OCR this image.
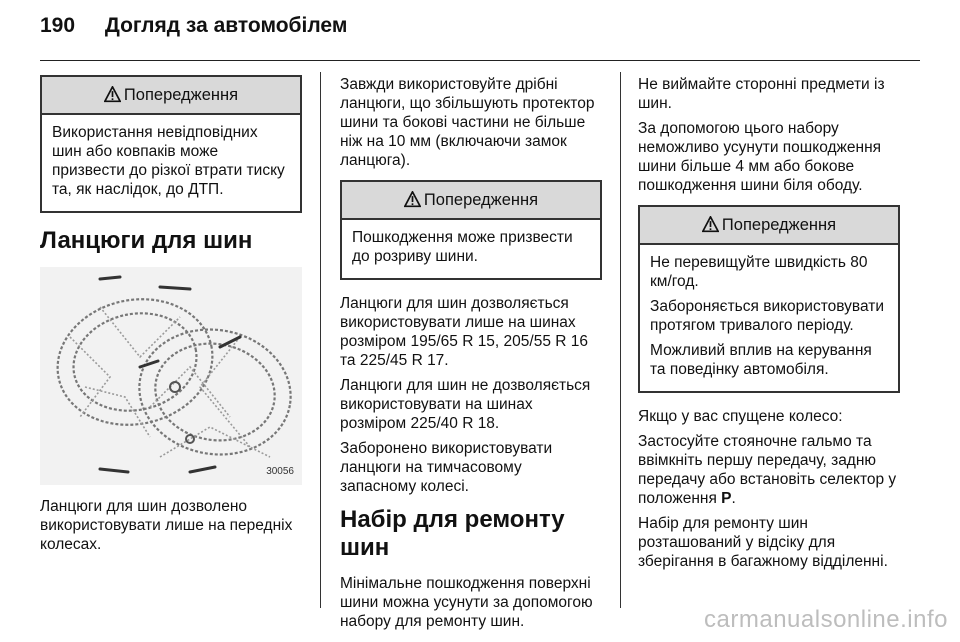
190 Догляд за автомобілем
Попередження

Використання невідповідних шин або ковпаків може призвести до різкої втрати тиску та, як наслідок, до ДТП.

Ланцюги для шин
30056

Ланцюги для шин дозволено використовувати лише на передніх колесах.

Завжди використовуйте дрібні ланцюги, що збільшують протектор шини та бокові частини не більше ніж на 10 мм (включаючи замок ланцюга).

Попередження

Пошкодження може призвести до розриву шини.

Ланцюги для шин дозволяється використовувати лише на шинах розміром 195/65 R 15, 205/55 R 16 та 225/45 R 17.

Ланцюги для шин не дозволяється використовувати на шинах розміром 225/40 R 18.

Заборонено використовувати ланцюги на тимчасовому запасному колесі.

Набір для ремонту шин

Мінімальне пошкодження поверхні шини можна усунути за допомогою набору для ремонту шин.

Не виймайте сторонні предмети із шин.

За допомогою цього набору неможливо усунути пошкодження шини більше 4 мм або бокове пошкодження шини біля ободу.

Попередження

Не перевищуйте швидкість 80 км/год.

Забороняється використовувати протягом тривалого періоду.

Можливий вплив на керування та поведінку автомобіля.

Якщо у вас спущене колесо:

Застосуйте стояночне гальмо та ввімкніть першу передачу, задню передачу або встановіть селектор у положення P.

Набір для ремонту шин розташований у відсіку для зберігання в багажному відділенні.

carmanualsonline.info
